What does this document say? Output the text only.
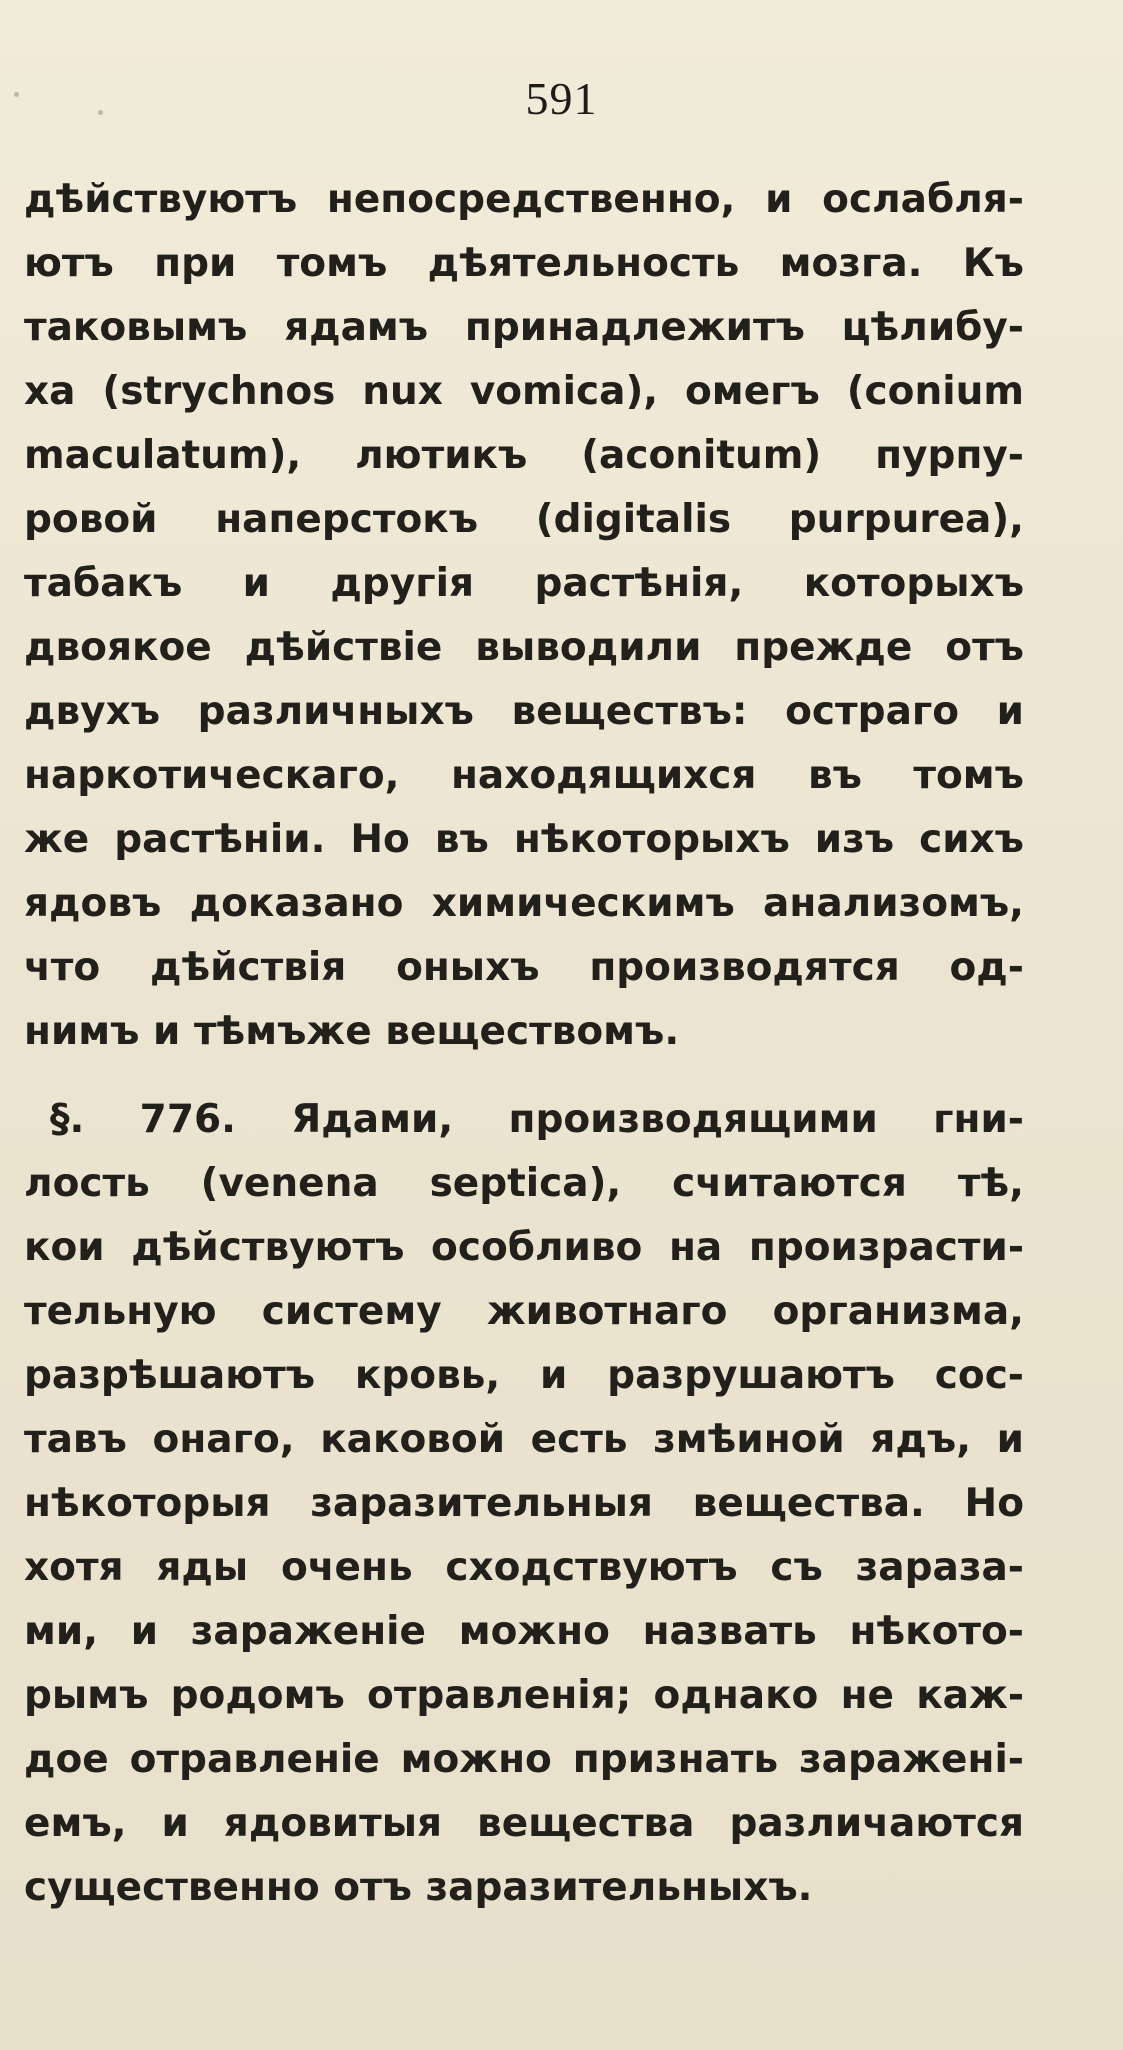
591
дѣйствуютъ непосредственно, и ослабля-
ютъ при томъ дѣятельность мозга. Къ
таковымъ ядамъ принадлежитъ цѣлибу-
ха (strychnos nux vomica), омегъ (conium
maculatum), лютикъ (aconitum) пурпу-
ровой наперстокъ (digitalis purpurea),
табакъ и другія растѣнія, которыхъ
двоякое дѣйствіе выводили прежде отъ
двухъ различныхъ веществъ: остраго и
наркотическаго, находящихся въ томъ
же растѣніи. Но въ нѣкоторыхъ изъ сихъ
ядовъ доказано химическимъ анализомъ,
что дѣйствія оныхъ производятся од-
нимъ и тѣмъже веществомъ.
§. 776. Ядами, производящими гни-
лость (venena septica), считаются тѣ,
кои дѣйствуютъ особливо на произрасти-
тельную систему животнаго организма,
разрѣшаютъ кровь, и разрушаютъ сос-
тавъ онаго, каковой есть змѣиной ядъ, и
нѣкоторыя заразительныя вещества. Но
хотя яды очень сходствуютъ съ зараза-
ми, и зараженіе можно назвать нѣкото-
рымъ родомъ отравленія; однако не каж-
дое отравленіе можно признать заражені-
емъ, и ядовитыя вещества различаются
существенно отъ заразительныхъ.
